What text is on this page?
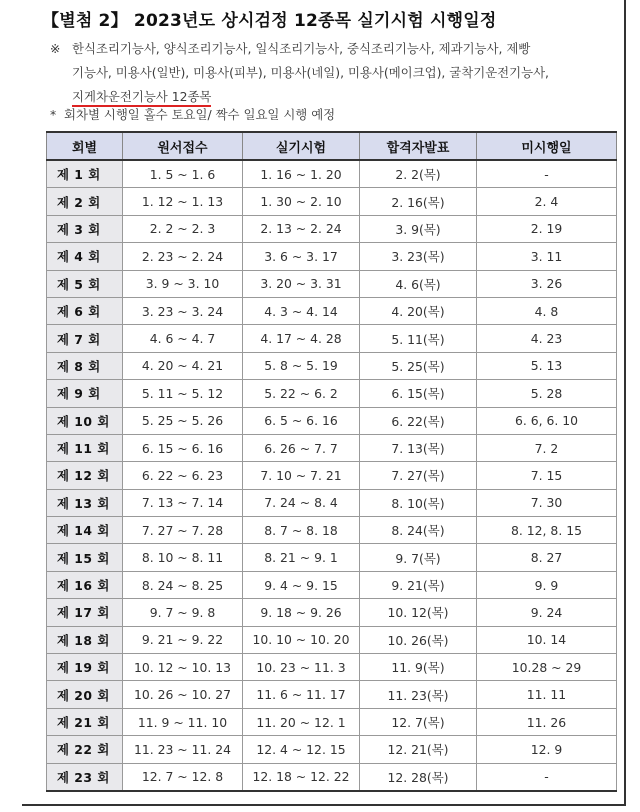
【별첨 2】 2023년도 상시검정 12종목 실기시험 시행일정
※ 한식조리기능사, 양식조리기능사, 일식조리기능사, 중식조리기능사, 제과기능사, 제빵
기능사, 미용사(일반), 미용사(피부), 미용사(네일), 미용사(메이크업), 굴착기운전기능사,
지게차운전기능사 12종목
* 회차별 시행일 홀수 토요일/ 짝수 일요일 시행 예정
회별	원서접수	실기시험	합격자발표	미시행일
제 1 회	1. 5 ~ 1. 6	1. 16 ~ 1. 20	2. 2(목)	-
제 2 회	1. 12 ~ 1. 13	1. 30 ~ 2. 10	2. 16(목)	2. 4
제 3 회	2. 2 ~ 2. 3	2. 13 ~ 2. 24	3. 9(목)	2. 19
제 4 회	2. 23 ~ 2. 24	3. 6 ~ 3. 17	3. 23(목)	3. 11
제 5 회	3. 9 ~ 3. 10	3. 20 ~ 3. 31	4. 6(목)	3. 26
제 6 회	3. 23 ~ 3. 24	4. 3 ~ 4. 14	4. 20(목)	4. 8
제 7 회	4. 6 ~ 4. 7	4. 17 ~ 4. 28	5. 11(목)	4. 23
제 8 회	4. 20 ~ 4. 21	5. 8 ~ 5. 19	5. 25(목)	5. 13
제 9 회	5. 11 ~ 5. 12	5. 22 ~ 6. 2	6. 15(목)	5. 28
제 10 회	5. 25 ~ 5. 26	6. 5 ~ 6. 16	6. 22(목)	6. 6, 6. 10
제 11 회	6. 15 ~ 6. 16	6. 26 ~ 7. 7	7. 13(목)	7. 2
제 12 회	6. 22 ~ 6. 23	7. 10 ~ 7. 21	7. 27(목)	7. 15
제 13 회	7. 13 ~ 7. 14	7. 24 ~ 8. 4	8. 10(목)	7. 30
제 14 회	7. 27 ~ 7. 28	8. 7 ~ 8. 18	8. 24(목)	8. 12, 8. 15
제 15 회	8. 10 ~ 8. 11	8. 21 ~ 9. 1	9. 7(목)	8. 27
제 16 회	8. 24 ~ 8. 25	9. 4 ~ 9. 15	9. 21(목)	9. 9
제 17 회	9. 7 ~ 9. 8	9. 18 ~ 9. 26	10. 12(목)	9. 24
제 18 회	9. 21 ~ 9. 22	10. 10 ~ 10. 20	10. 26(목)	10. 14
제 19 회	10. 12 ~ 10. 13	10. 23 ~ 11. 3	11. 9(목)	10.28 ~ 29
제 20 회	10. 26 ~ 10. 27	11. 6 ~ 11. 17	11. 23(목)	11. 11
제 21 회	11. 9 ~ 11. 10	11. 20 ~ 12. 1	12. 7(목)	11. 26
제 22 회	11. 23 ~ 11. 24	12. 4 ~ 12. 15	12. 21(목)	12. 9
제 23 회	12. 7 ~ 12. 8	12. 18 ~ 12. 22	12. 28(목)	-
